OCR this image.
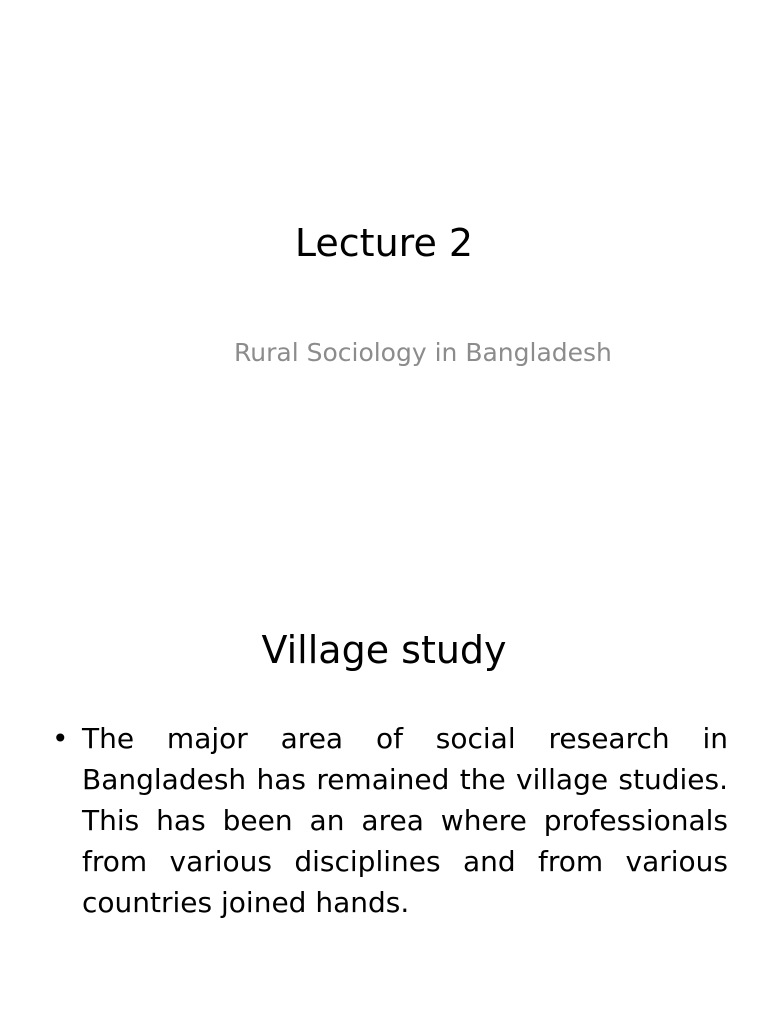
Lecture 2

Rural Sociology in Bangladesh

Village study
• The major area of social research in Bangladesh has remained the village studies. This has been an area where professionals from various disciplines and from various countries joined hands.
